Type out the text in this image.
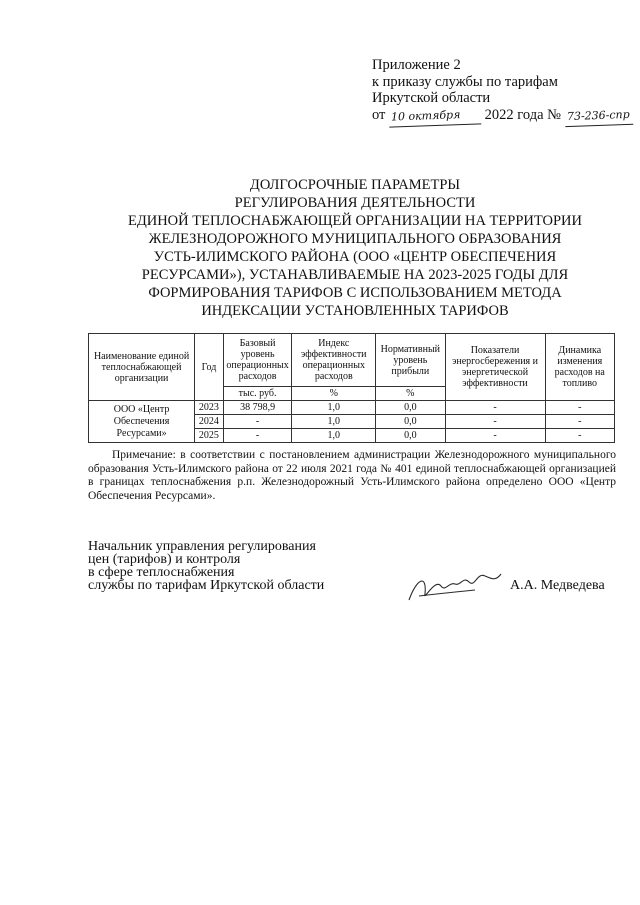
Приложение 2
к приказу службы по тарифам
Иркутской области
от 10 октября 2022 года № 73-236-спр
ДОЛГОСРОЧНЫЕ ПАРАМЕТРЫ
РЕГУЛИРОВАНИЯ ДЕЯТЕЛЬНОСТИ
ЕДИНОЙ ТЕПЛОСНАБЖАЮЩЕЙ ОРГАНИЗАЦИИ НА ТЕРРИТОРИИ
ЖЕЛЕЗНОДОРОЖНОГО МУНИЦИПАЛЬНОГО ОБРАЗОВАНИЯ
УСТЬ-ИЛИМСКОГО РАЙОНА (ООО «ЦЕНТР ОБЕСПЕЧЕНИЯ
РЕСУРСАМИ»), УСТАНАВЛИВАЕМЫЕ НА 2023-2025 ГОДЫ ДЛЯ
ФОРМИРОВАНИЯ ТАРИФОВ С ИСПОЛЬЗОВАНИЕМ МЕТОДА
ИНДЕКСАЦИИ УСТАНОВЛЕННЫХ ТАРИФОВ
Наименование единой теплоснабжающей организации	Год	Базовый уровень операционных расходов	Индекс эффективности операционных расходов	Нормативный уровень прибыли	Показатели энергосбережения и энергетической эффективности	Динамика изменения расходов на топливо
		тыс. руб.	%	%		
ООО «Центр Обеспечения Ресурсами»	2023	38 798,9	1,0	0,0	-	-
	2024	-	1,0	0,0	-	-
	2025	-	1,0	0,0	-	-
Примечание: в соответствии с постановлением администрации Железнодорожного муниципального образования Усть-Илимского района от 22 июля 2021 года № 401 единой теплоснабжающей организацией в границах теплоснабжения р.п. Железнодорожный Усть-Илимского района определено ООО «Центр Обеспечения Ресурсами».
Начальник управления регулирования
цен (тарифов) и контроля
в сфере теплоснабжения
службы по тарифам Иркутской области	А.А. Медведева
